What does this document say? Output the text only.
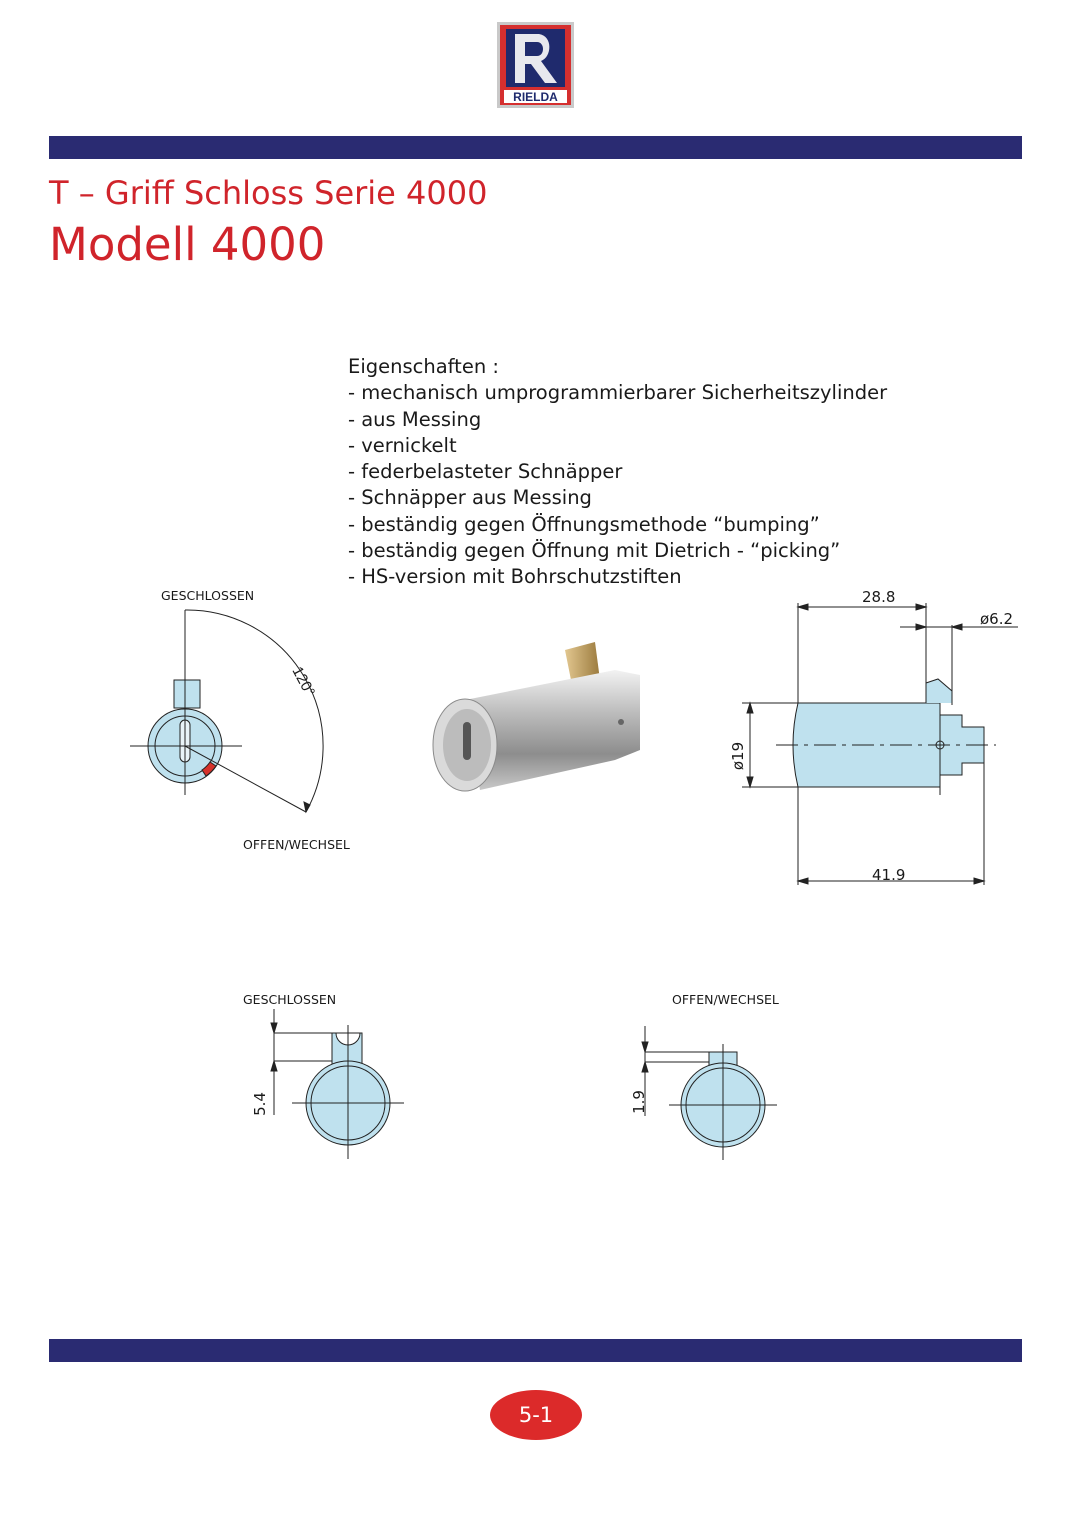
RIELDA
T – Griff Schloss Serie 4000
Modell 4000
Eigenschaften :
- mechanisch umprogrammierbarer Sicherheitszylinder
- aus Messing
- vernickelt
- federbelasteter Schnäpper
- Schnäpper aus Messing
- beständig gegen Öffnungsmethode “bumping”
- beständig gegen Öffnung mit Dietrich - “picking”
- HS-version mit Bohrschutzstiften
GESCHLOSSEN
OFFEN/WECHSEL
120°
28.8
ø6.2
41.9
ø19
GESCHLOSSEN
5.4
OFFEN/WECHSEL
1.9
5-1
